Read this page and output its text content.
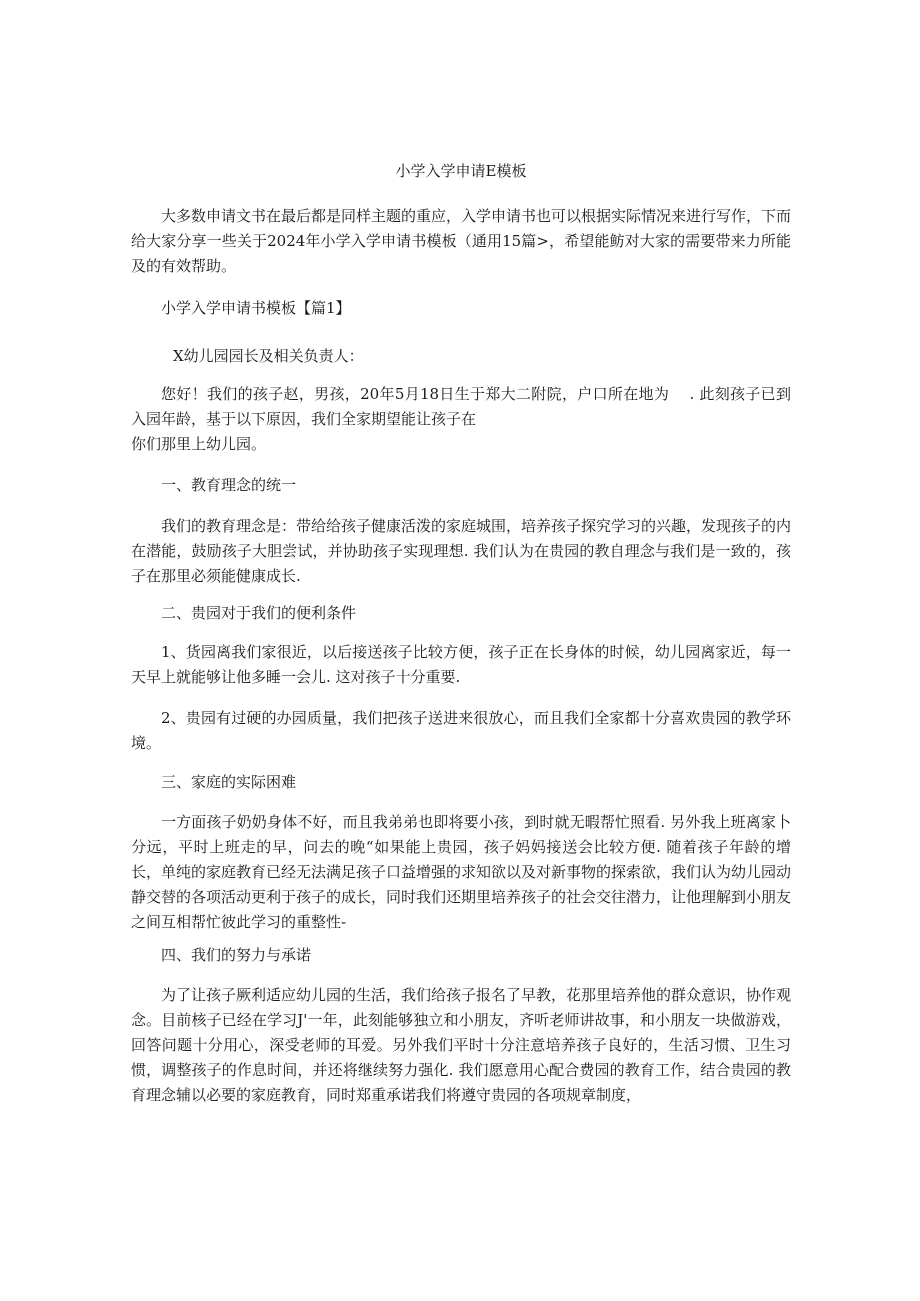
小学入学申请E模板

大多数申请文书在最后都是同样主题的重应，入学申请书也可以根据实际情况来进行写作，下而给大家分享一些关于2024年小学入学申请书模板（通用15篇>，希望能鲂对大家的需要带来力所能及的有效帮助。

小学入学申请书模板【篇1】

X幼儿园园长及相关负责人：

您好！我们的孩子赵，男孩，20年5月18日生于郑大二附院，户口所在地为　 . 此刻孩子已到入园年龄，基于以下原因，我们全家期望能让孩子在

你们那里上幼儿园。

一、教育理念的统一

我们的教育理念是：带给给孩子健康活泼的家庭城围，培养孩子探究学习的兴趣，发现孩子的内在潜能，鼓励孩子大胆尝试，并协助孩子实现理想. 我们认为在贵园的教自理念与我们是一致的，孩子在那里必须能健康成长.

二、贵园对于我们的便利条件

1、货园离我们家很近，以后接送孩子比较方便，孩子正在长身体的时候，幼儿园离家近，每一天早上就能够让他多睡一会儿. 这对孩子十分重要.

2、贵园有过硬的办园质量，我们把孩子送进来很放心，而且我们全家都十分喜欢贵园的教学环境。

三、家庭的实际困难

一方面孩子奶奶身体不好，而且我弟弟也即将要小孩，到时就无暇帮忙照看. 另外我上班离家卜分远，平时上班走的早，问去的晚“如果能上贵园，孩子妈妈接送会比较方便. 随着孩子年龄的增长，单纯的家庭教育已经无法满足孩子口益增强的求知欲以及对新事物的探索欲，我们认为幼儿园动静交替的各项活动更利于孩子的成长，同时我们还期里培养孩子的社会交往潜力，让他理解到小朋友之间互相帮忙彼此学习的重整性-

四、我们的努力与承诺

为了让孩子厥利适应幼儿园的生活，我们给孩子报名了早教，花那里培养他的群众意识，协作观念。目前核子已经在学习J'一年，此刻能够独立和小朋友，齐听老师讲故事，和小朋友一块做游戏，回答问题十分用心，深受老师的耳爱。另外我们平时十分注意培养孩子良好的，生活习惯、卫生习惯，调整孩子的作息时间，并还将继续努力强化. 我们愿意用心配合费园的教育工作，结合贵园的教育理念辅以必要的家庭教育，同时郑重承诺我们将遵守贵园的各项规章制度，
